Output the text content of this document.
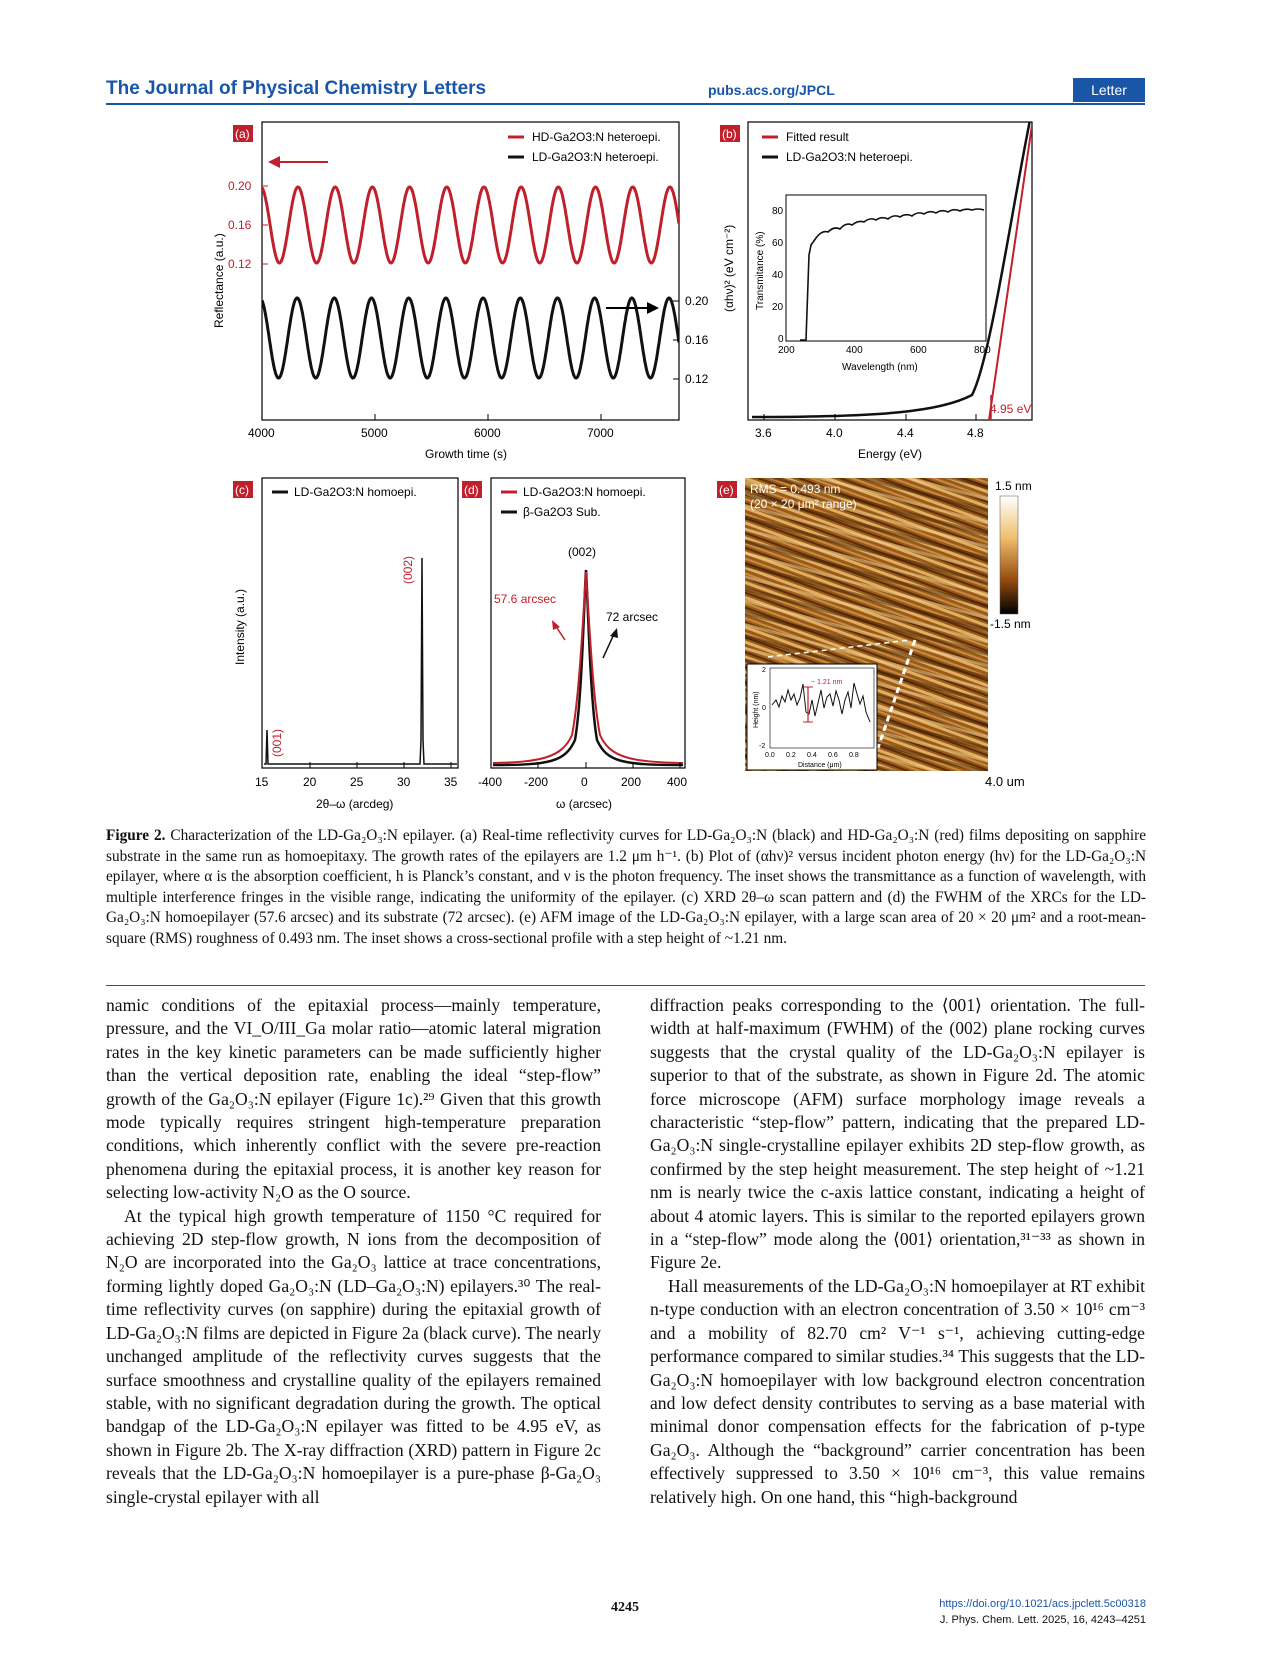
The Journal of Physical Chemistry Letters	pubs.acs.org/JPCL	Letter
(a)	HD-Ga2O3:N heteroepi.
LD-Ga2O3:N heteroepi.
0.20
0.16
0.12
0.20
0.16
0.12
4000	5000	6000	7000
Growth time (s)
Reflectance (a.u.)
(b)
4.95 eV
Fitted result
LD-Ga2O3:N heteroepi.
80
60
40
20
0
200	400	600	800
Wavelength (nm)
Transmitance (%)
3.6	4.0	4.4	4.8
Energy (eV)
(αhν)² (eV cm⁻²)
(c)	LD-Ga2O3:N homoepi.
(001)
(002)
15	20	25	30	35
2θ–ω (arcdeg)
Intensity (a.u.)
(d)	LD-Ga2O3:N homoepi.
β-Ga2O3 Sub.
(002)
57.6 arcsec
72 arcsec
-400 -200	0	200 400
ω (arcsec)
(e) RMS = 0.493 nm
(20 × 20 μm² range)
1.5 nm
-1.5 nm
4.0 um
~ 1.21 nm
2
0
-2
0.0 0.2 0.4 0.6 0.8
Distance (μm)
Height (nm)
Figure 2. Characterization of the LD-Ga₂O₃:N epilayer. (a) Real-time reflectivity curves for LD-Ga₂O₃:N (black) and HD-Ga₂O₃:N (red) films depositing on sapphire substrate in the same run as homoepitaxy. The growth rates of the epilayers are 1.2 μm h⁻¹. (b) Plot of (αhν)² versus incident photon energy (hν) for the LD-Ga₂O₃:N epilayer, where α is the absorption coefficient, h is Planck’s constant, and ν is the photon frequency. The inset shows the transmittance as a function of wavelength, with multiple interference fringes in the visible range, indicating the uniformity of the epilayer. (c) XRD 2θ–ω scan pattern and (d) the FWHM of the XRCs for the LD-Ga₂O₃:N homoepilayer (57.6 arcsec) and its substrate (72 arcsec). (e) AFM image of the LD-Ga₂O₃:N epilayer, with a large scan area of 20 × 20 μm² and a root-mean-square (RMS) roughness of 0.493 nm. The inset shows a cross-sectional profile with a step height of ~1.21 nm.

namic conditions of the epitaxial process—mainly temperature, pressure, and the VI_O/III_Ga molar ratio—atomic lateral migration rates in the key kinetic parameters can be made sufficiently higher than the vertical deposition rate, enabling the ideal “step-flow” growth of the Ga₂O₃:N epilayer (Figure 1c).²⁹ Given that this growth mode typically requires stringent high-temperature preparation conditions, which inherently conflict with the severe pre-reaction phenomena during the epitaxial process, it is another key reason for selecting low-activity N₂O as the O source.

At the typical high growth temperature of 1150 °C required for achieving 2D step-flow growth, N ions from the decomposition of N₂O are incorporated into the Ga₂O₃ lattice at trace concentrations, forming lightly doped Ga₂O₃:N (LD–Ga₂O₃:N) epilayers.³⁰ The real-time reflectivity curves (on sapphire) during the epitaxial growth of LD-Ga₂O₃:N films are depicted in Figure 2a (black curve). The nearly unchanged amplitude of the reflectivity curves suggests that the surface smoothness and crystalline quality of the epilayers remained stable, with no significant degradation during the growth. The optical bandgap of the LD-Ga₂O₃:N epilayer was fitted to be 4.95 eV, as shown in Figure 2b. The X-ray diffraction (XRD) pattern in Figure 2c reveals that the LD-Ga₂O₃:N homoepilayer is a pure-phase β-Ga₂O₃ single-crystal epilayer with all

diffraction peaks corresponding to the ⟨001⟩ orientation. The full-width at half-maximum (FWHM) of the (002) plane rocking curves suggests that the crystal quality of the LD-Ga₂O₃:N epilayer is superior to that of the substrate, as shown in Figure 2d. The atomic force microscope (AFM) surface morphology image reveals a characteristic “step-flow” pattern, indicating that the prepared LD-Ga₂O₃:N single-crystalline epilayer exhibits 2D step-flow growth, as confirmed by the step height measurement. The step height of ~1.21 nm is nearly twice the c-axis lattice constant, indicating a height of about 4 atomic layers. This is similar to the reported epilayers grown in a “step-flow” mode along the ⟨001⟩ orientation,³¹⁻³³ as shown in Figure 2e.

Hall measurements of the LD-Ga₂O₃:N homoepilayer at RT exhibit n-type conduction with an electron concentration of 3.50 × 10¹⁶ cm⁻³ and a mobility of 82.70 cm² V⁻¹ s⁻¹, achieving cutting-edge performance compared to similar studies.³⁴ This suggests that the LD-Ga₂O₃:N homoepilayer with low background electron concentration and low defect density contributes to serving as a base material with minimal donor compensation effects for the fabrication of p-type Ga₂O₃. Although the “background” carrier concentration has been effectively suppressed to 3.50 × 10¹⁶ cm⁻³, this value remains relatively high. On one hand, this “high-background

4245	https://doi.org/10.1021/acs.jpclett.5c00318
J. Phys. Chem. Lett. 2025, 16, 4243–4251
